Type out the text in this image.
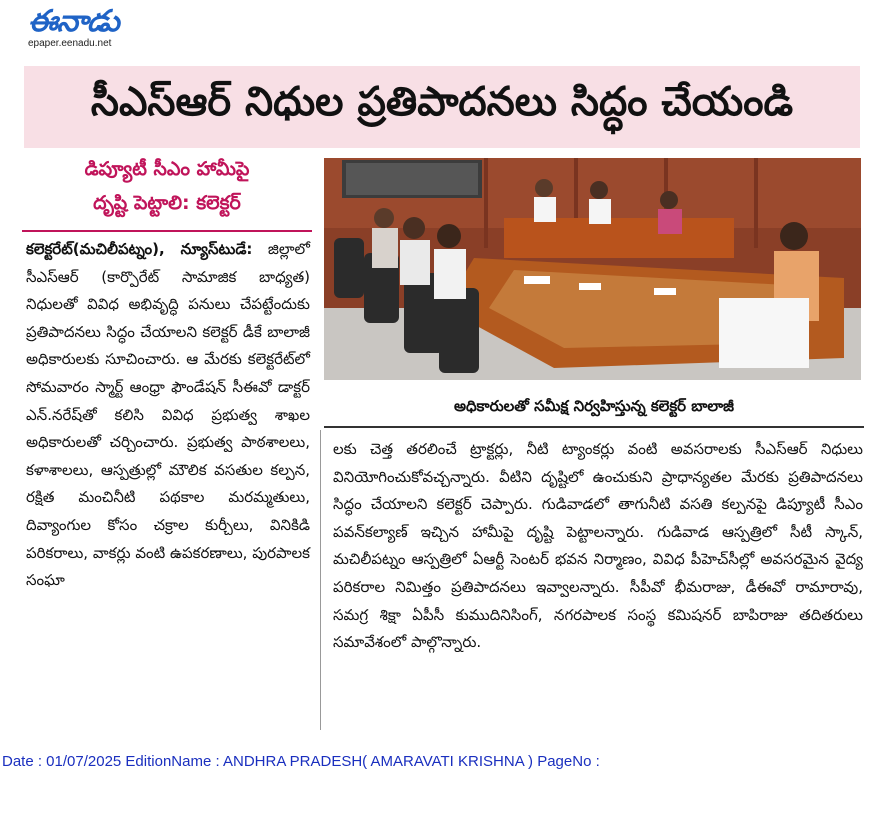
ఈనాడు
epaper.eenadu.net
సీఎస్ఆర్ నిధుల ప్రతిపాదనలు సిద్ధం చేయండి
డిప్యూటీ సీఎం హామీపై
దృష్టి పెట్టాలి: కలెక్టర్

కలెక్టరేట్(మచిలీపట్నం), న్యూస్‌టుడే: జిల్లాలో సీఎస్ఆర్ (కార్పొరేట్ సామాజిక బాధ్యత) నిధులతో వివిధ అభివృద్ధి పనులు చేపట్టేందుకు ప్రతిపాదనలు సిద్ధం చేయాలని కలెక్టర్ డీకే బాలాజీ అధికారులకు సూచించారు. ఆ మేరకు కలెక్టరేట్‌లో సోమవారం స్మార్ట్ ఆంధ్రా ఫౌండేషన్ సీఈవో డాక్టర్ ఎన్.నరేష్‌తో కలిసి వివిధ ప్రభుత్వ శాఖల అధికారులతో చర్చించారు. ప్రభుత్వ పాఠశాలలు, కళాశాలలు, ఆస్పత్రుల్లో మౌలిక వసతుల కల్పన, రక్షిత మంచినీటి పథకాల మరమ్మతులు, దివ్యాంగుల కోసం చక్రాల కుర్చీలు, వినికిడి పరికరాలు, వాకర్లు వంటి ఉపకరణాలు, పురపాలక సంఘా

అధికారులతో సమీక్ష నిర్వహిస్తున్న కలెక్టర్ బాలాజీ

లకు చెత్త తరలించే ట్రాక్టర్లు, నీటి ట్యాంకర్లు వంటి అవసరాలకు సీఎస్ఆర్ నిధులు వినియోగించుకోవచ్చన్నారు. వీటిని దృష్టిలో ఉంచుకుని ప్రాధాన్యతల మేరకు ప్రతిపాదనలు సిద్ధం చేయాలని కలెక్టర్ చెప్పారు. గుడివాడలో తాగునీటి వసతి కల్పనపై డిప్యూటీ సీఎం పవన్‌కల్యాణ్ ఇచ్చిన హామీపై దృష్టి పెట్టాలన్నారు. గుడివాడ ఆస్పత్రిలో సీటీ స్కాన్, మచిలీపట్నం ఆస్పత్రిలో ఏఆర్టీ సెంటర్ భవన నిర్మాణం, వివిధ పీహెచ్‌సీల్లో అవసరమైన వైద్య పరికరాల నిమిత్తం ప్రతిపాదనలు ఇవ్వాలన్నారు. సీపీవో భీమరాజు, డీఈవో రామారావు, సమగ్ర శిక్షా ఏపీసీ కుముదినిసింగ్, నగరపాలక సంస్థ కమిషనర్ బాపిరాజు తదితరులు సమావేశంలో పాల్గొన్నారు.

Date : 01/07/2025 EditionName : ANDHRA PRADESH( AMARAVATI KRISHNA ) PageNo :
